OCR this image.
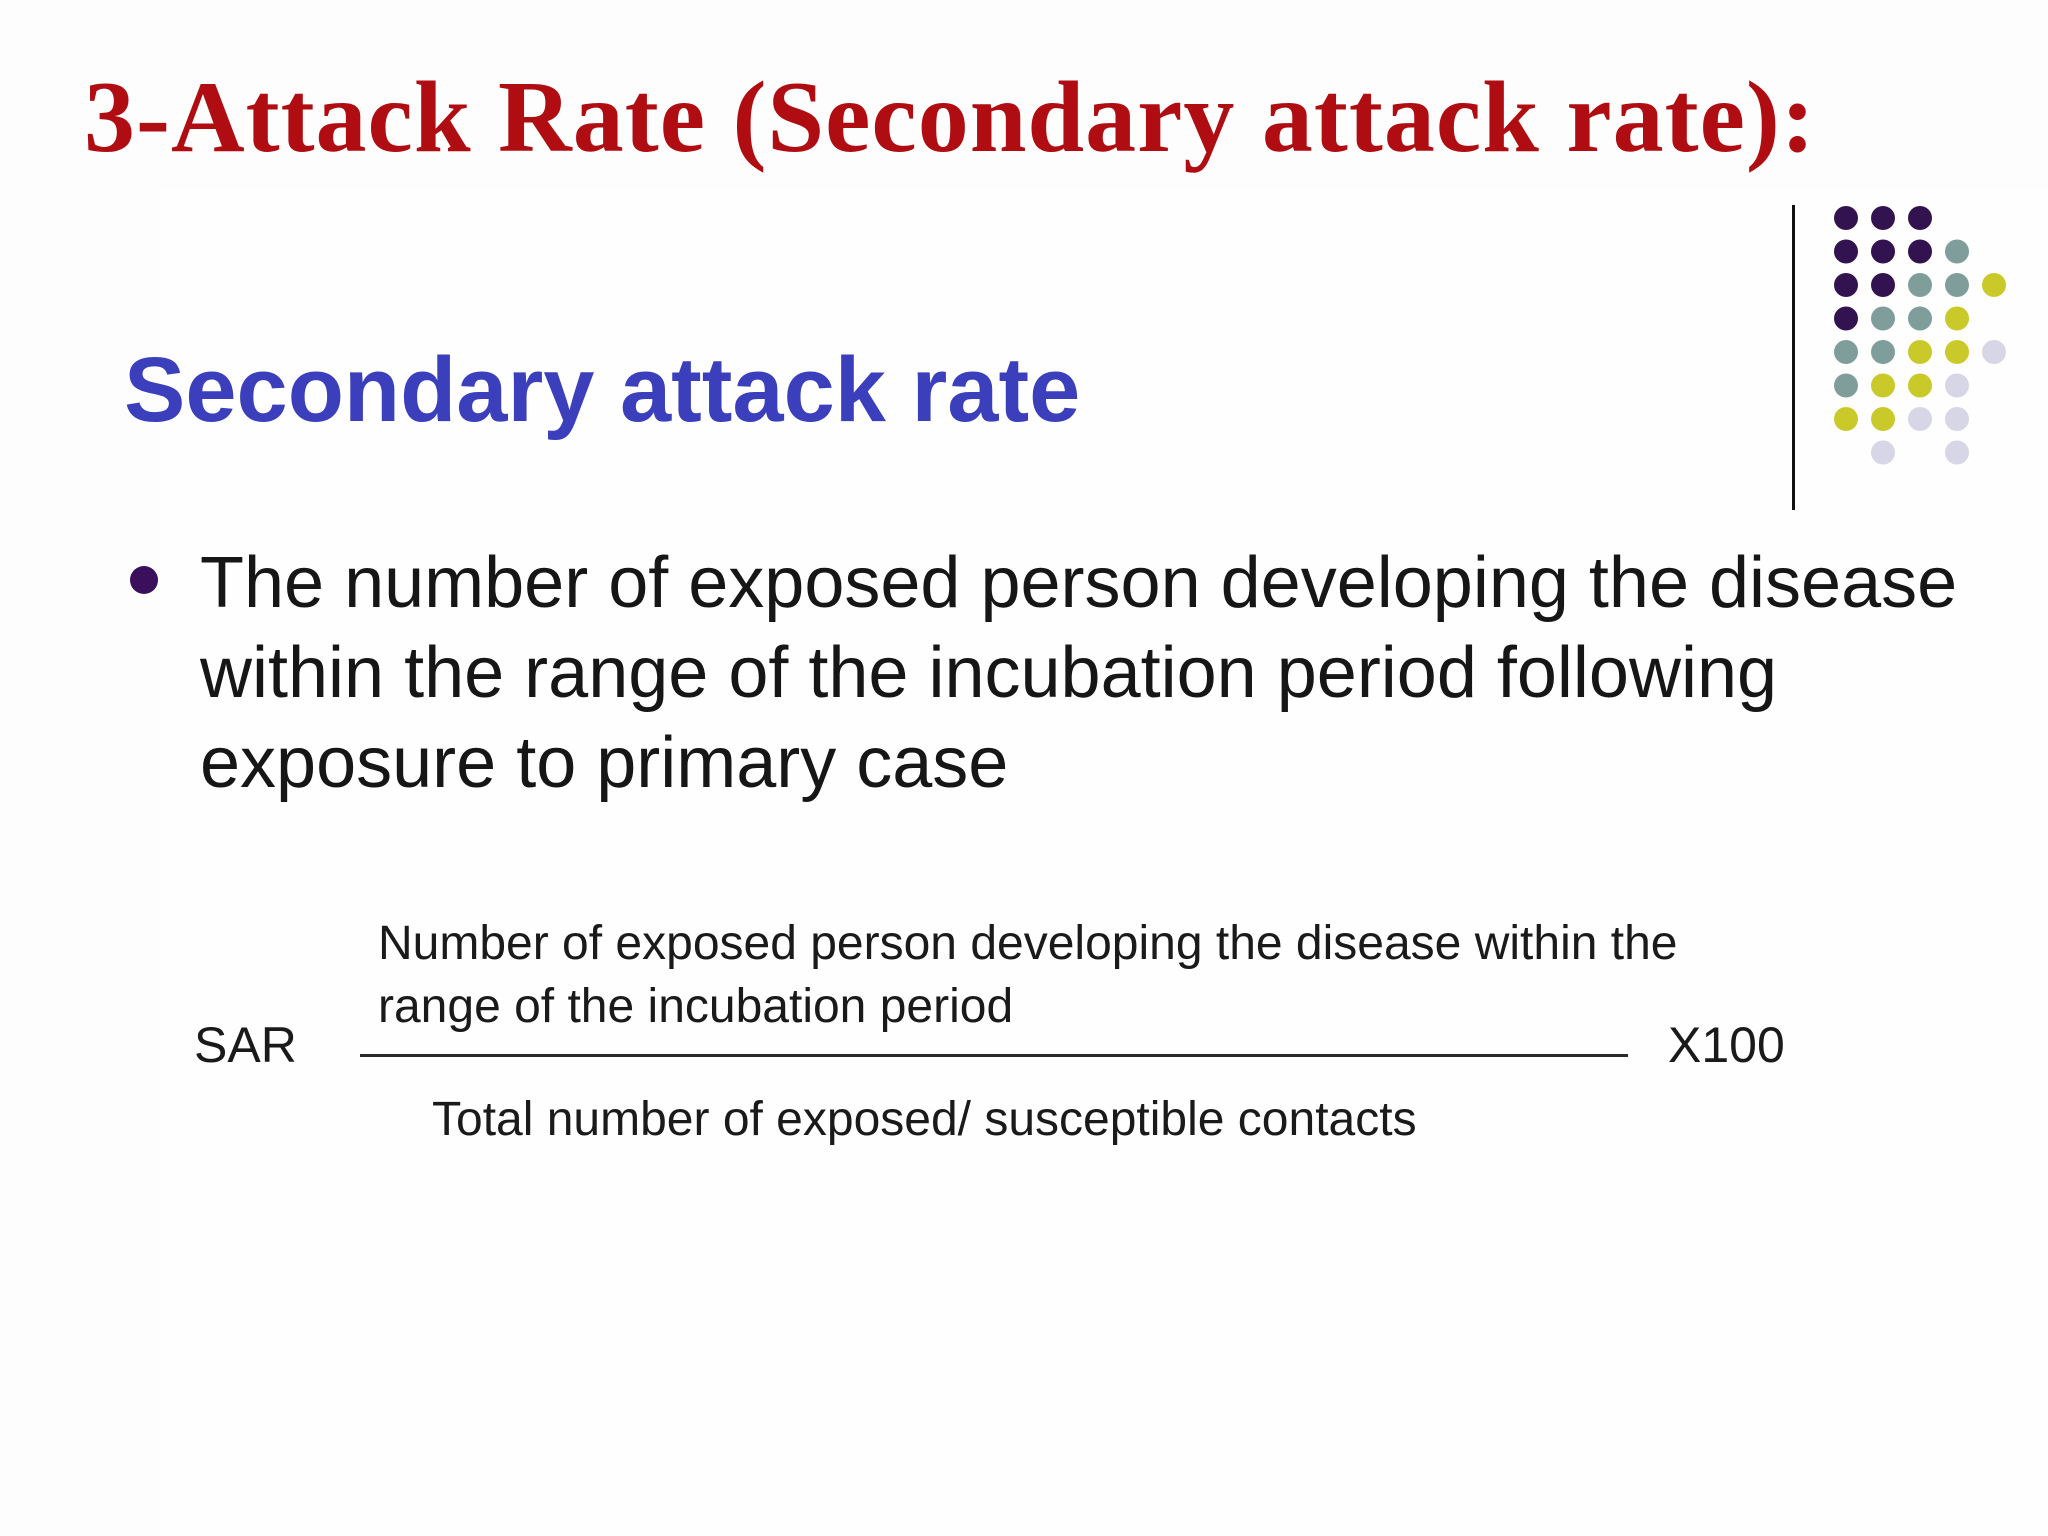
3-Attack Rate (Secondary attack rate):
Secondary attack rate

The number of exposed person developing the disease within the range of the incubation period following exposure to primary case

SAR

Number of exposed person developing the disease within the range of the incubation period

X100
Total number of exposed/ susceptible contacts
